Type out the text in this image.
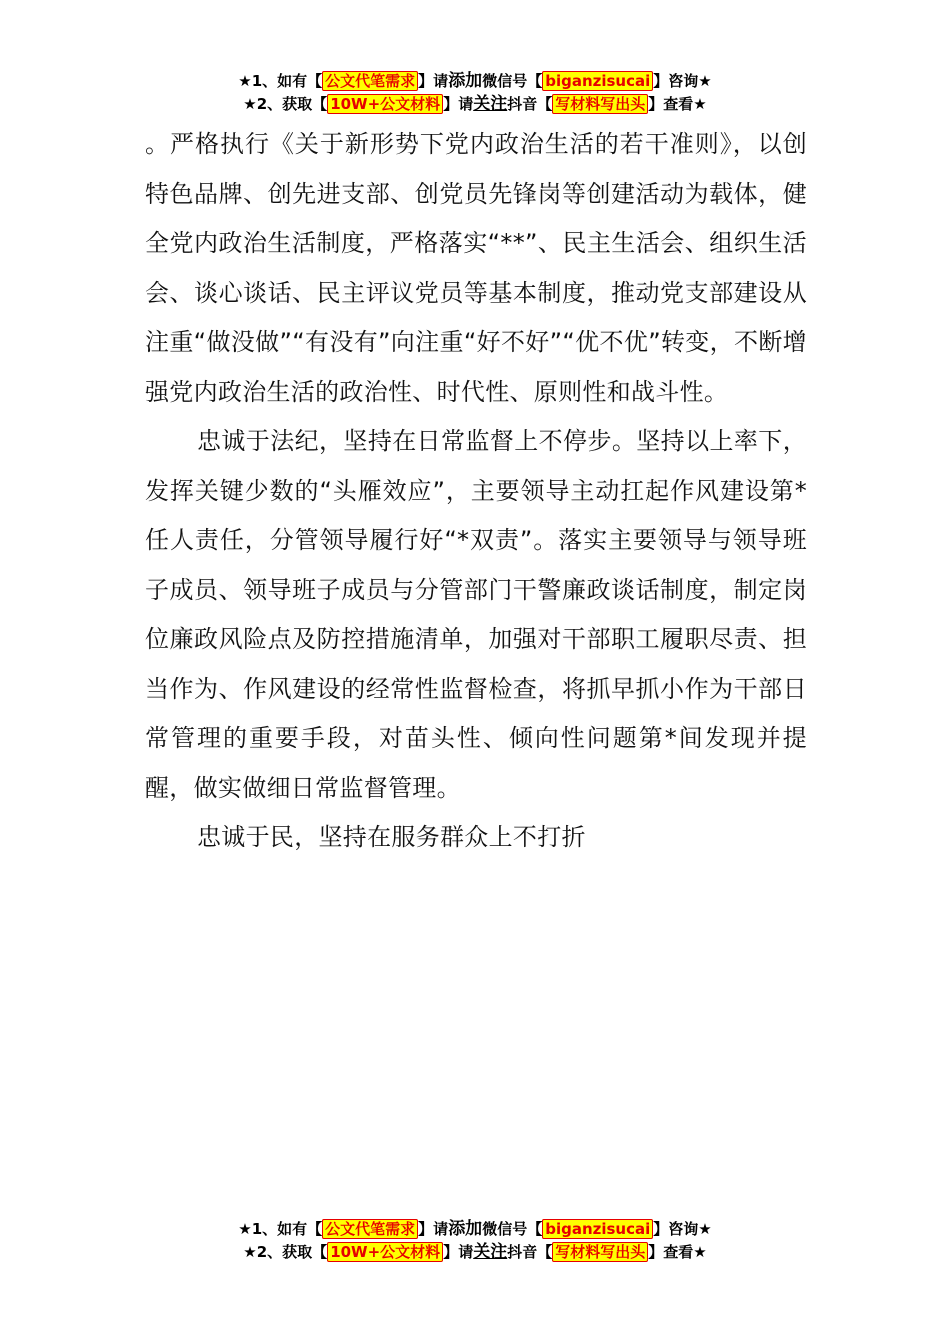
★1、如有【 公文代笔需求 】请添加微信号【 biganzisucai 】咨询★
★2、获取【 10W+公文材料 】请关注抖音【 写材料写出头 】查看★

。严格执行《关于新形势下党内政治生活的若干准则》，以创特色品牌、创先进支部、创党员先锋岗等创建活动为载体，健全党内政治生活制度，严格落实“**”、民主生活会、组织生活会、谈心谈话、民主评议党员等基本制度，推动党支部建设从注重“做没做”“有没有”向注重“好不好”“优不优”转变，不断增强党内政治生活的政治性、时代性、原则性和战斗性。

忠诚于法纪，坚持在日常监督上不停步。坚持以上率下，发挥关键少数的“头雁效应”，主要领导主动扛起作风建设第*任人责任，分管领导履行好“*双责”。落实主要领导与领导班子成员、领导班子成员与分管部门干警廉政谈话制度，制定岗位廉政风险点及防控措施清单，加强对干部职工履职尽责、担当作为、作风建设的经常性监督检查，将抓早抓小作为干部日常管理的重要手段，对苗头性、倾向性问题第*间发现并提醒，做实做细日常监督管理。

忠诚于民，坚持在服务群众上不打折

★1、如有【 公文代笔需求 】请添加微信号【 biganzisucai 】咨询★
★2、获取【 10W+公文材料 】请关注抖音【 写材料写出头 】查看★
